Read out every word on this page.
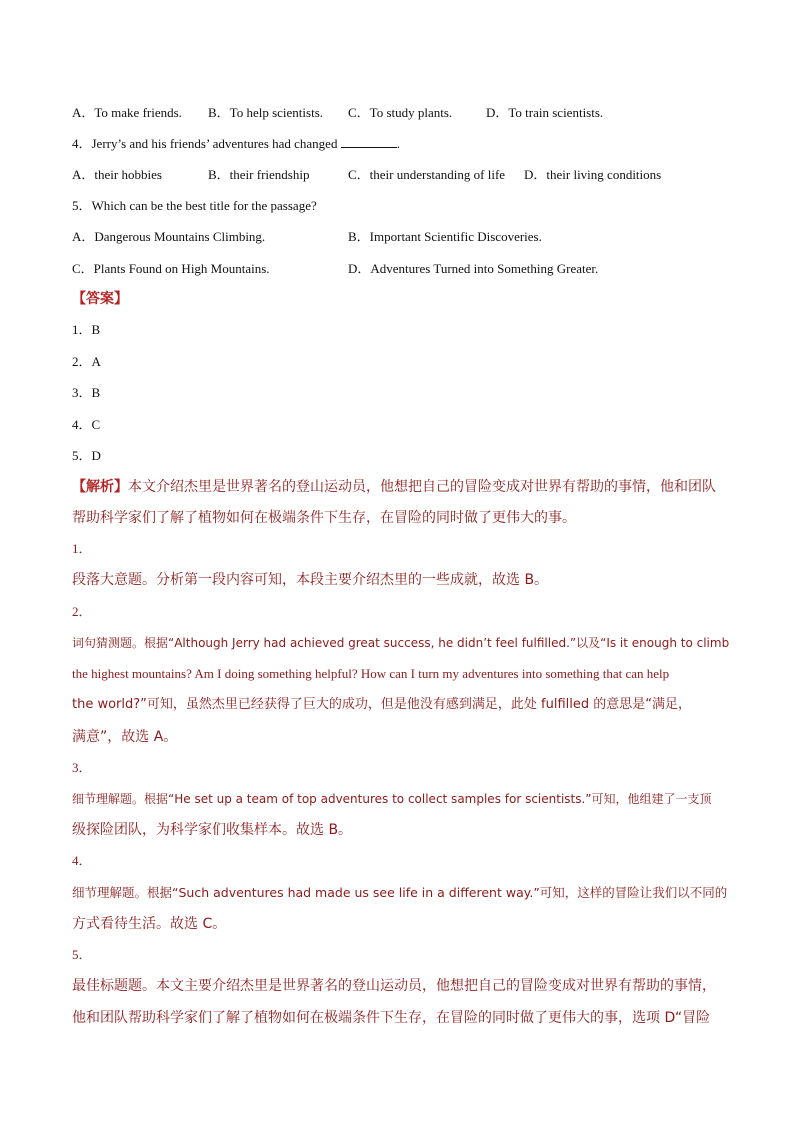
A．To make friends. B．To help scientists. C．To study plants.	D．To train scientists.
4．Jerry’s and his friends’ adventures had changed	.
A．their hobbies	B．their friendship	C．their understanding of life D．their living conditions
5．Which can be the best title for the passage?
A．Dangerous Mountains Climbing.	B．Important Scientific Discoveries.
C．Plants Found on High Mountains.	D．Adventures Turned into Something Greater.
【答案】
1．B
2．A
3．B
4．C
5．D
【解析】本文介绍杰里是世界著名的登山运动员，他想把自己的冒险变成对世界有帮助的事情，他和团队
帮助科学家们了解了植物如何在极端条件下生存，在冒险的同时做了更伟大的事。
1．
段落大意题。分析第一段内容可知，本段主要介绍杰里的一些成就，故选 B。
2．
词句猜测题。根据“Although Jerry had achieved great success, he didn’t feel fulfilled.”以及“Is it enough to climb
the highest mountains? Am I doing something helpful? How can I turn my adventures into something that can help
the world?”可知，虽然杰里已经获得了巨大的成功，但是他没有感到满足，此处 fulfilled 的意思是“满足，
满意”，故选 A。
3．
细节理解题。根据“He set up a team of top adventures to collect samples for scientists.”可知，他组建了一支顶
级探险团队，为科学家们收集样本。故选 B。
4．
细节理解题。根据“Such adventures had made us see life in a different way.”可知，这样的冒险让我们以不同的
方式看待生活。故选 C。
5．
最佳标题题。本文主要介绍杰里是世界著名的登山运动员，他想把自己的冒险变成对世界有帮助的事情，
他和团队帮助科学家们了解了植物如何在极端条件下生存，在冒险的同时做了更伟大的事，选项 D“冒险
